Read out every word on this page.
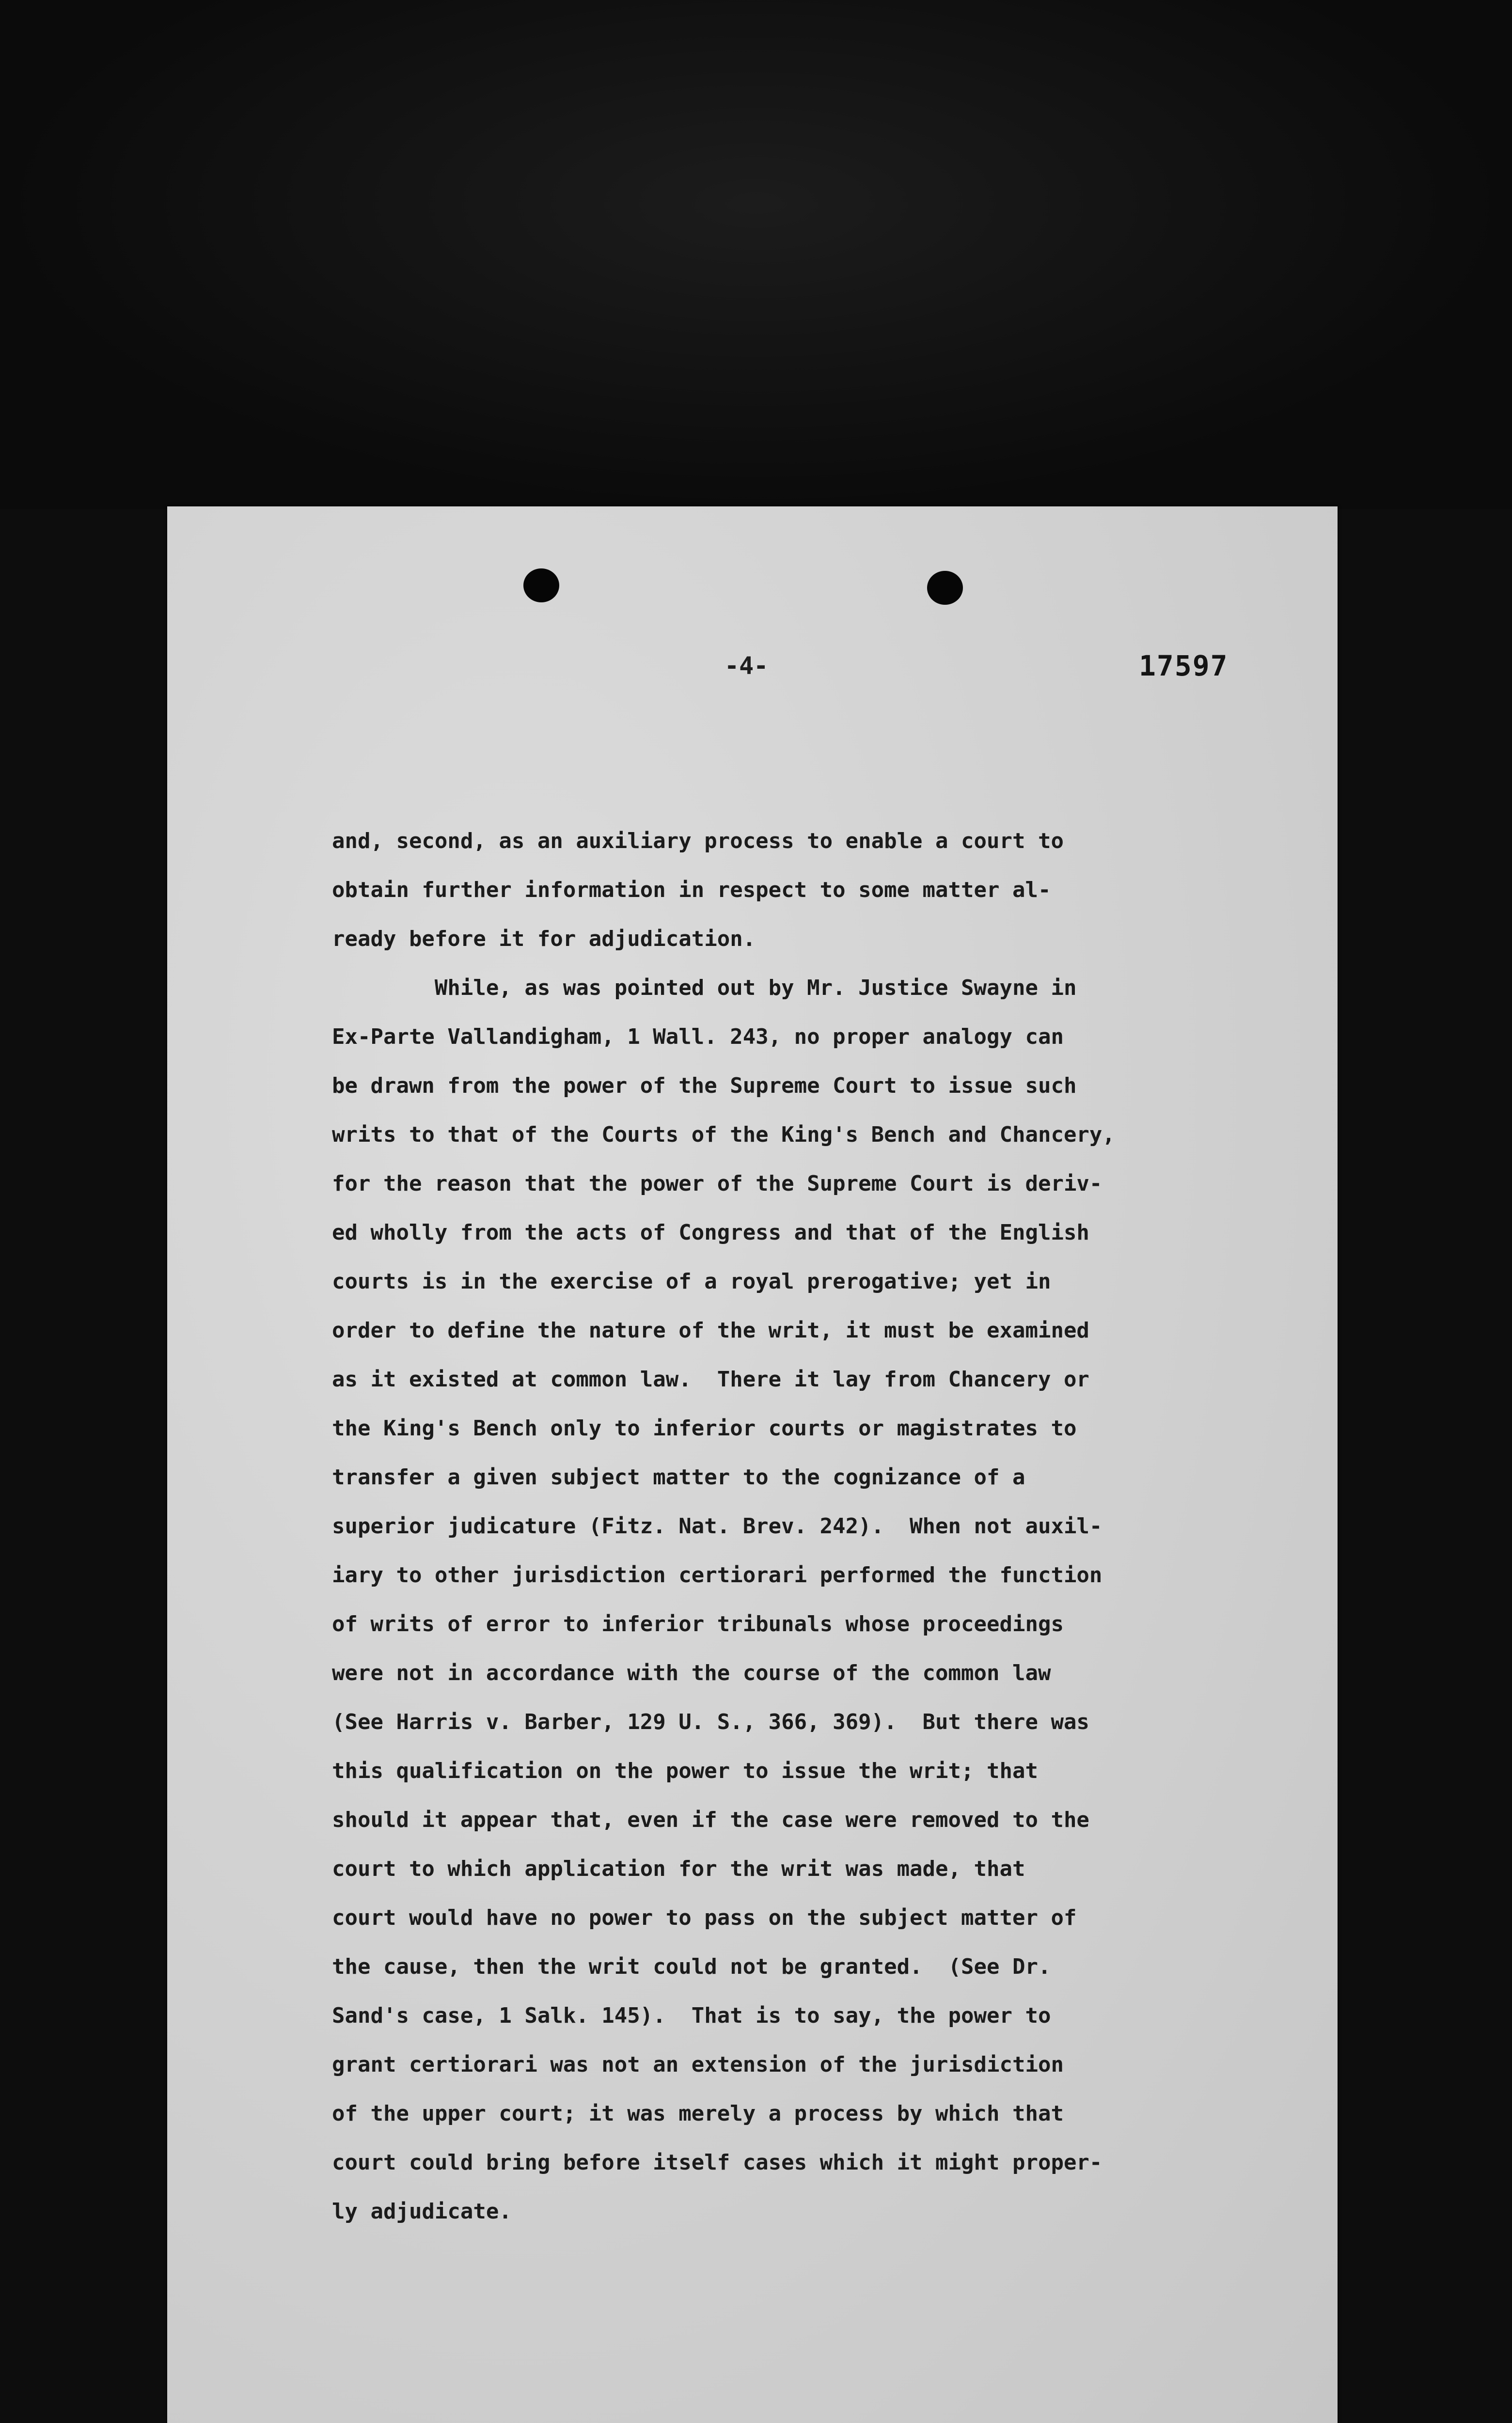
-4-	17597
and, second, as an auxiliary process to enable a court to
obtain further information in respect to some matter al-
ready before it for adjudication.
While, as was pointed out by Mr. Justice Swayne in
Ex-Parte Vallandigham, 1 Wall. 243, no proper analogy can
be drawn from the power of the Supreme Court to issue such
writs to that of the Courts of the King's Bench and Chancery,
for the reason that the power of the Supreme Court is deriv-
ed wholly from the acts of Congress and that of the English
courts is in the exercise of a royal prerogative; yet in
order to define the nature of the writ, it must be examined
as it existed at common law.  There it lay from Chancery or
the King's Bench only to inferior courts or magistrates to
transfer a given subject matter to the cognizance of a
superior judicature (Fitz. Nat. Brev. 242).  When not auxil-
iary to other jurisdiction certiorari performed the function
of writs of error to inferior tribunals whose proceedings
were not in accordance with the course of the common law
(See Harris v. Barber, 129 U. S., 366, 369).  But there was
this qualification on the power to issue the writ; that
should it appear that, even if the case were removed to the
court to which application for the writ was made, that
court would have no power to pass on the subject matter of
the cause, then the writ could not be granted.  (See Dr.
Sand's case, 1 Salk. 145).  That is to say, the power to
grant certiorari was not an extension of the jurisdiction
of the upper court; it was merely a process by which that
court could bring before itself cases which it might proper-
ly adjudicate.
